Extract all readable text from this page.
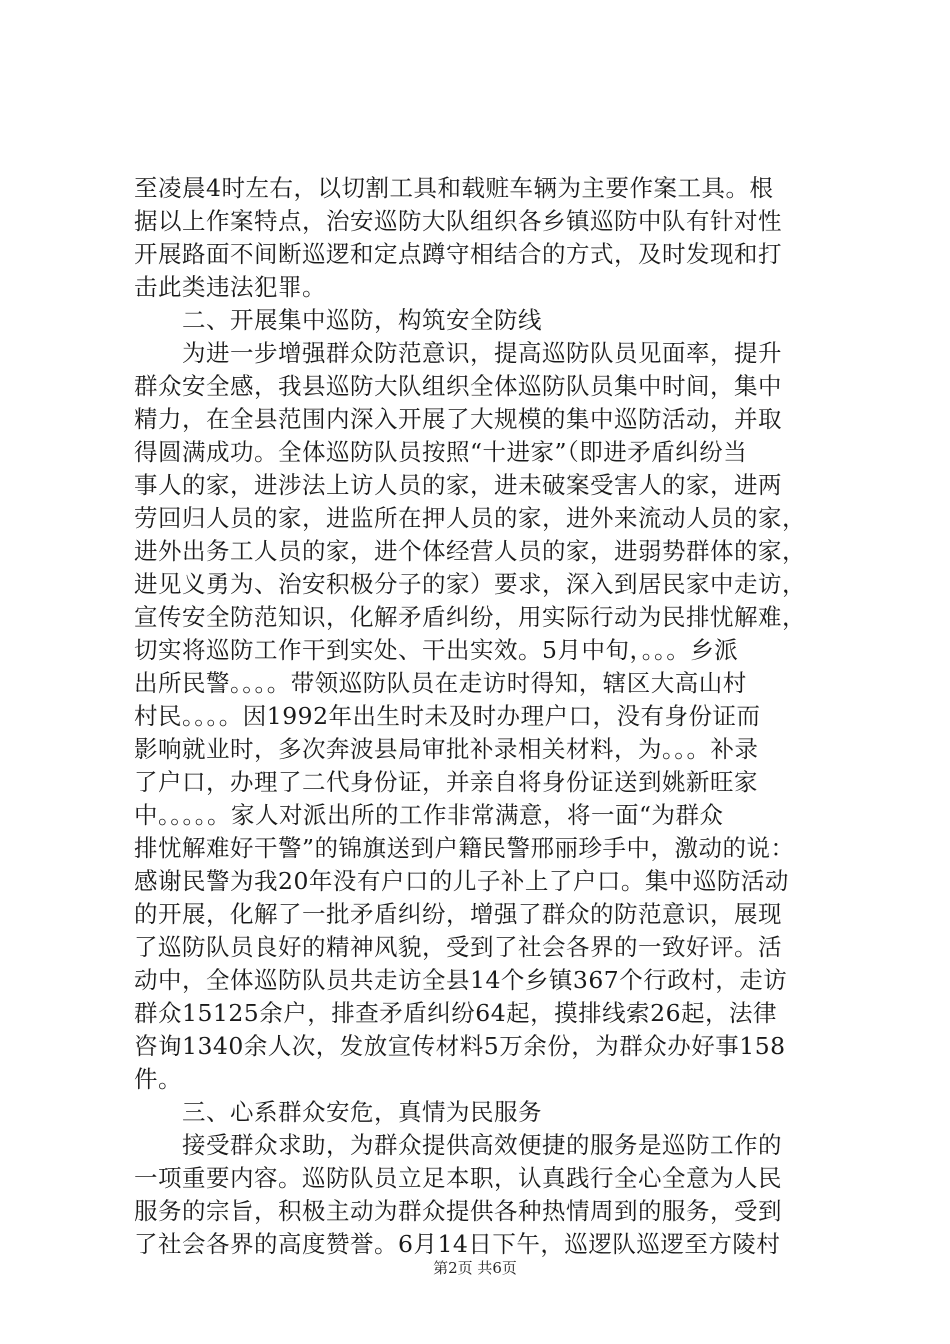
至凌晨4时左右，以切割工具和载赃车辆为主要作案工具。根
据以上作案特点，治安巡防大队组织各乡镇巡防中队有针对性
开展路面不间断巡逻和定点蹲守相结合的方式，及时发现和打
击此类违法犯罪。
　　二、开展集中巡防，构筑安全防线
　　为进一步增强群众防范意识，提高巡防队员见面率，提升
群众安全感，我县巡防大队组织全体巡防队员集中时间，集中
精力，在全县范围内深入开展了大规模的集中巡防活动，并取
得圆满成功。全体巡防队员按照“十进家”（即进矛盾纠纷当
事人的家，进涉法上访人员的家，进未破案受害人的家，进两
劳回归人员的家，进监所在押人员的家，进外来流动人员的家，
进外出务工人员的家，进个体经营人员的家，进弱势群体的家，
进见义勇为、治安积极分子的家）要求，深入到居民家中走访，
宣传安全防范知识，化解矛盾纠纷，用实际行动为民排忧解难，
切实将巡防工作干到实处、干出实效。5月中旬，。。。乡派
出所民警。。。。带领巡防队员在走访时得知，辖区大高山村
村民。。。。因1992年出生时未及时办理户口，没有身份证而
影响就业时，多次奔波县局审批补录相关材料，为。。。补录
了户口，办理了二代身份证，并亲自将身份证送到姚新旺家
中。。。。。家人对派出所的工作非常满意，将一面“为群众
排忧解难好干警”的锦旗送到户籍民警邢丽珍手中，激动的说：
感谢民警为我20年没有户口的儿子补上了户口。集中巡防活动
的开展，化解了一批矛盾纠纷，增强了群众的防范意识，展现
了巡防队员良好的精神风貌，受到了社会各界的一致好评。活
动中，全体巡防队员共走访全县14个乡镇367个行政村，走访
群众15125余户，排查矛盾纠纷64起，摸排线索26起，法律
咨询1340余人次，发放宣传材料5万余份，为群众办好事158
件。
　　三、心系群众安危，真情为民服务
　　接受群众求助，为群众提供高效便捷的服务是巡防工作的
一项重要内容。巡防队员立足本职，认真践行全心全意为人民
服务的宗旨，积极主动为群众提供各种热情周到的服务，受到
了社会各界的高度赞誉。6月14日下午，巡逻队巡逻至方陵村
第2页 共6页
